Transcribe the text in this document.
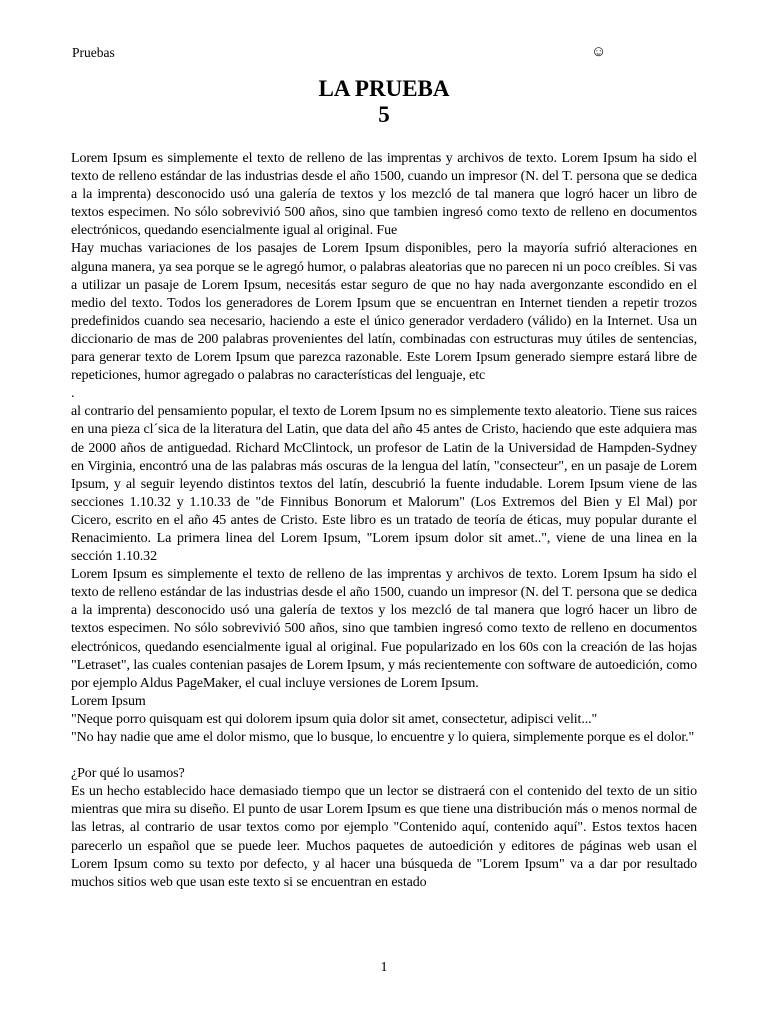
Pruebas	☺
LA PRUEBA
5

Lorem Ipsum es simplemente el texto de relleno de las imprentas y archivos de texto. Lorem Ipsum ha sido el texto de relleno estándar de las industrias desde el año 1500, cuando un impresor (N. del T. persona que se dedica a la imprenta) desconocido usó una galería de textos y los mezcló de tal manera que logró hacer un libro de textos especimen. No sólo sobrevivió 500 años, sino que tambien ingresó como texto de relleno en documentos electrónicos, quedando esencialmente igual al original. Fue

Hay muchas variaciones de los pasajes de Lorem Ipsum disponibles, pero la mayoría sufrió alteraciones en alguna manera, ya sea porque se le agregó humor, o palabras aleatorias que no parecen ni un poco creíbles. Si vas a utilizar un pasaje de Lorem Ipsum, necesitás estar seguro de que no hay nada avergonzante escondido en el medio del texto. Todos los generadores de Lorem Ipsum que se encuentran en Internet tienden a repetir trozos predefinidos cuando sea necesario, haciendo a este el único generador verdadero (válido) en la Internet. Usa un diccionario de mas de 200 palabras provenientes del latín, combinadas con estructuras muy útiles de sentencias, para generar texto de Lorem Ipsum que parezca razonable. Este Lorem Ipsum generado siempre estará libre de repeticiones, humor agregado o palabras no características del lenguaje, etc

.

al contrario del pensamiento popular, el texto de Lorem Ipsum no es simplemente texto aleatorio. Tiene sus raices en una pieza cl´sica de la literatura del Latin, que data del año 45 antes de Cristo, haciendo que este adquiera mas de 2000 años de antiguedad. Richard McClintock, un profesor de Latin de la Universidad de Hampden-Sydney en Virginia, encontró una de las palabras más oscuras de la lengua del latín, "consecteur", en un pasaje de Lorem Ipsum, y al seguir leyendo distintos textos del latín, descubrió la fuente indudable. Lorem Ipsum viene de las secciones 1.10.32 y 1.10.33 de "de Finnibus Bonorum et Malorum" (Los Extremos del Bien y El Mal) por Cicero, escrito en el año 45 antes de Cristo. Este libro es un tratado de teoría de éticas, muy popular durante el Renacimiento. La primera linea del Lorem Ipsum, "Lorem ipsum dolor sit amet..", viene de una linea en la sección 1.10.32

Lorem Ipsum es simplemente el texto de relleno de las imprentas y archivos de texto. Lorem Ipsum ha sido el texto de relleno estándar de las industrias desde el año 1500, cuando un impresor (N. del T. persona que se dedica a la imprenta) desconocido usó una galería de textos y los mezcló de tal manera que logró hacer un libro de textos especimen. No sólo sobrevivió 500 años, sino que tambien ingresó como texto de relleno en documentos electrónicos, quedando esencialmente igual al original. Fue popularizado en los 60s con la creación de las hojas "Letraset", las cuales contenian pasajes de Lorem Ipsum, y más recientemente con software de autoedición, como por ejemplo Aldus PageMaker, el cual incluye versiones de Lorem Ipsum.

Lorem Ipsum

"Neque porro quisquam est qui dolorem ipsum quia dolor sit amet, consectetur, adipisci velit..."

"No hay nadie que ame el dolor mismo, que lo busque, lo encuentre y lo quiera, simplemente porque es el dolor."

¿Por qué lo usamos?

Es un hecho establecido hace demasiado tiempo que un lector se distraerá con el contenido del texto de un sitio mientras que mira su diseño. El punto de usar Lorem Ipsum es que tiene una distribución más o menos normal de las letras, al contrario de usar textos como por ejemplo "Contenido aquí, contenido aquí". Estos textos hacen parecerlo un español que se puede leer. Muchos paquetes de autoedición y editores de páginas web usan el Lorem Ipsum como su texto por defecto, y al hacer una búsqueda de "Lorem Ipsum" va a dar por resultado muchos sitios web que usan este texto si se encuentran en estado

1
